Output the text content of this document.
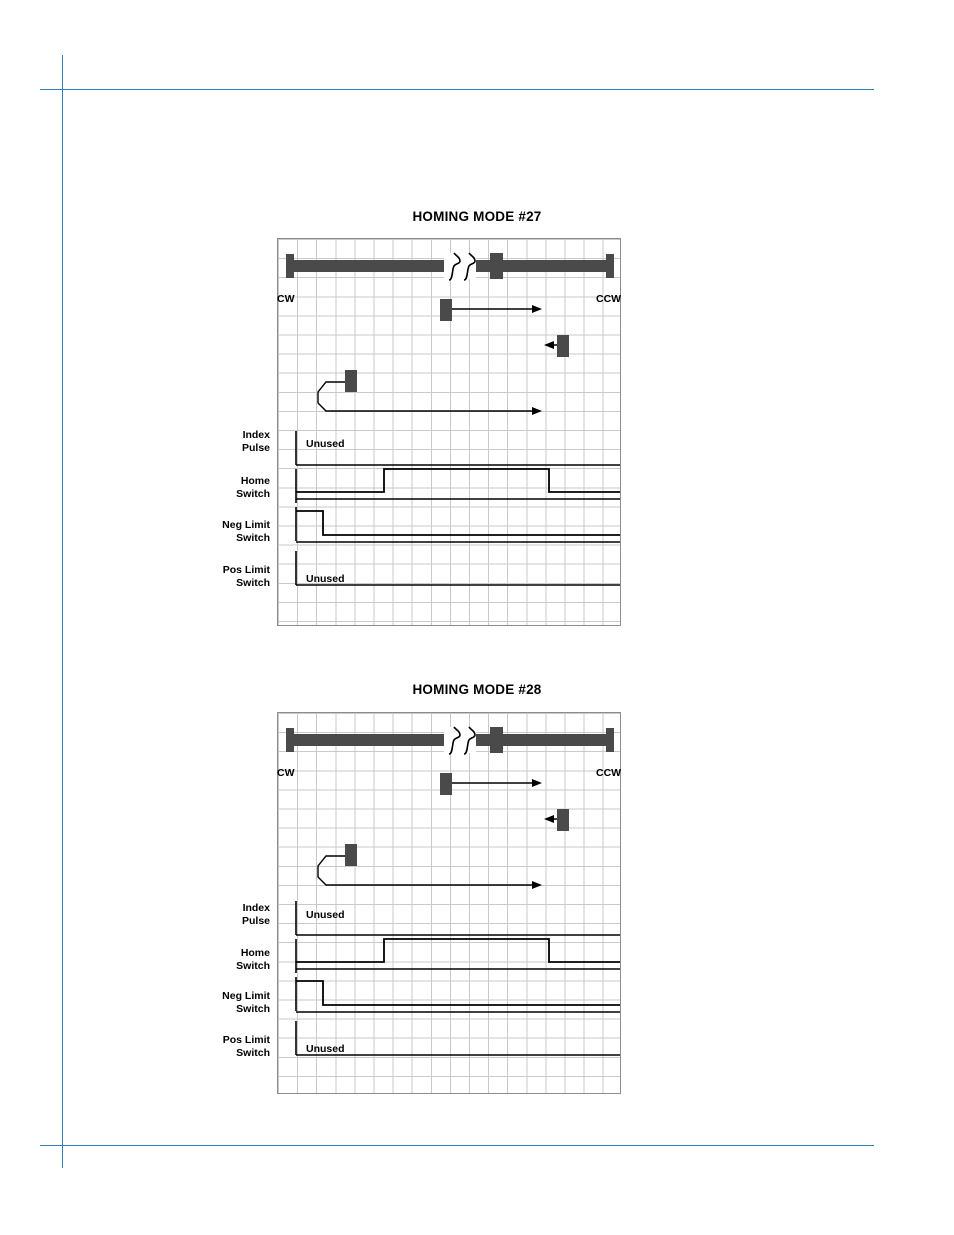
HOMING MODE #27
Unused
Unused
CW	CCW
Index
Pulse
Home
Switch
Neg Limit
Switch
Pos Limit
Switch
HOMING MODE #28
Unused
Unused
CW	CCW
Index
Pulse
Home
Switch
Neg Limit
Switch
Pos Limit
Switch
